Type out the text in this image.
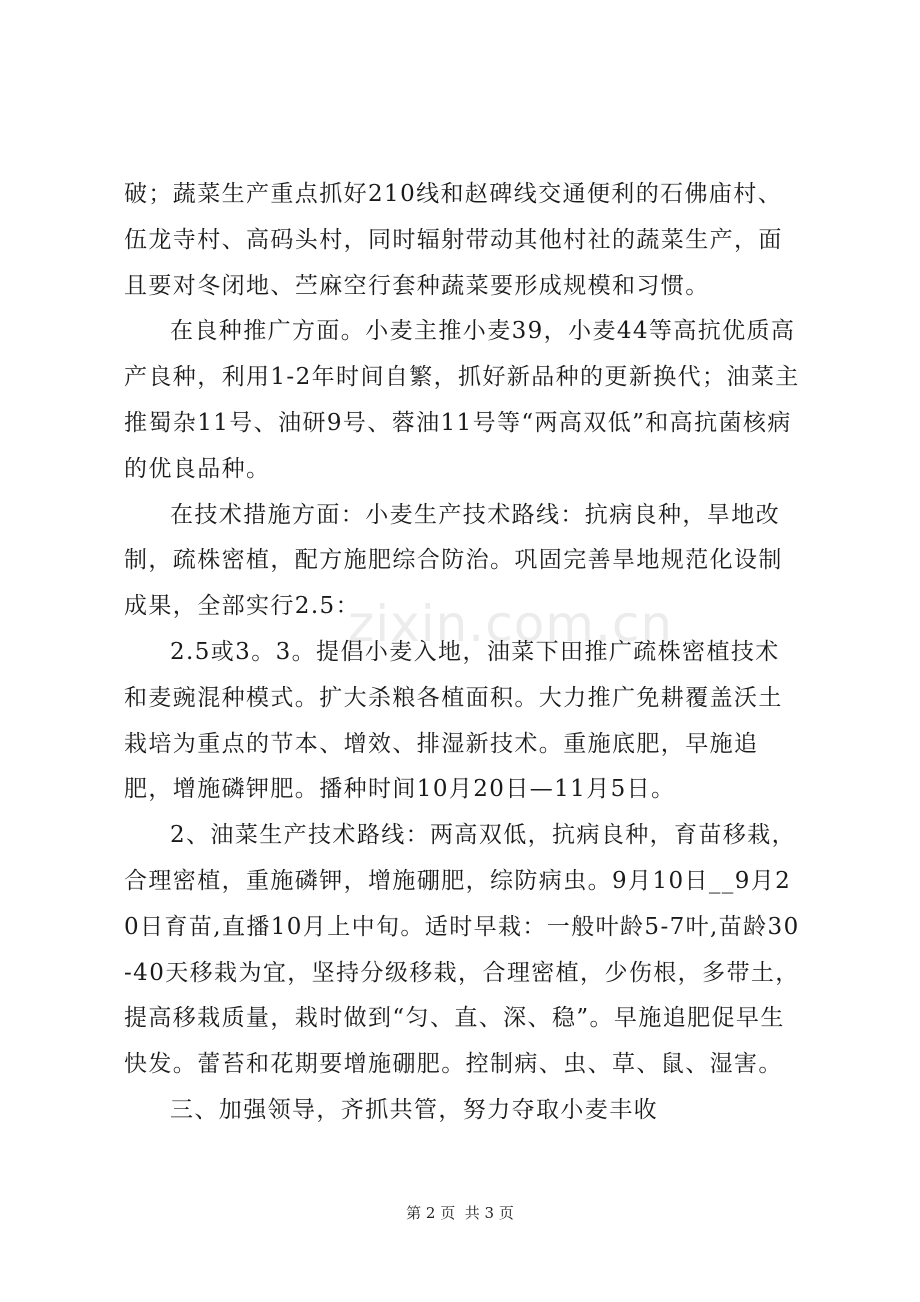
zixin.com.cn

破；蔬菜生产重点抓好210线和赵碑线交通便利的石佛庙村、伍龙寺村、高码头村，同时辐射带动其他村社的蔬菜生产，面且要对冬闭地、苎麻空行套种蔬菜要形成规模和习惯。

在良种推广方面。小麦主推小麦39，小麦44等高抗优质高产良种，利用1-2年时间自繁，抓好新品种的更新换代；油菜主推蜀杂11号、油研9号、蓉油11号等“两高双低”和高抗菌核病的优良品种。

在技术措施方面：小麦生产技术路线：抗病良种，旱地改制，疏株密植，配方施肥综合防治。巩固完善旱地规范化设制成果，全部实行2.5：

2.5或3。3。提倡小麦入地，油菜下田推广疏株密植技术和麦豌混种模式。扩大杀粮各植面积。大力推广免耕覆盖沃土栽培为重点的节本、增效、排湿新技术。重施底肥，早施追肥，增施磷钾肥。播种时间10月20日—11月5日。

2、油菜生产技术路线：两高双低，抗病良种，育苗移栽，合理密植，重施磷钾，增施硼肥，综防病虫。9月10日__9月20日育苗,直播10月上中旬。适时早栽：一般叶龄5-7叶,苗龄30-40天移栽为宜，坚持分级移栽，合理密植，少伤根，多带土，提高移栽质量，栽时做到“匀、直、深、稳”。早施追肥促早生快发。蕾苔和花期要增施硼肥。控制病、虫、草、鼠、湿害。

三、加强领导，齐抓共管，努力夺取小麦丰收

第 2 页  共 3 页
